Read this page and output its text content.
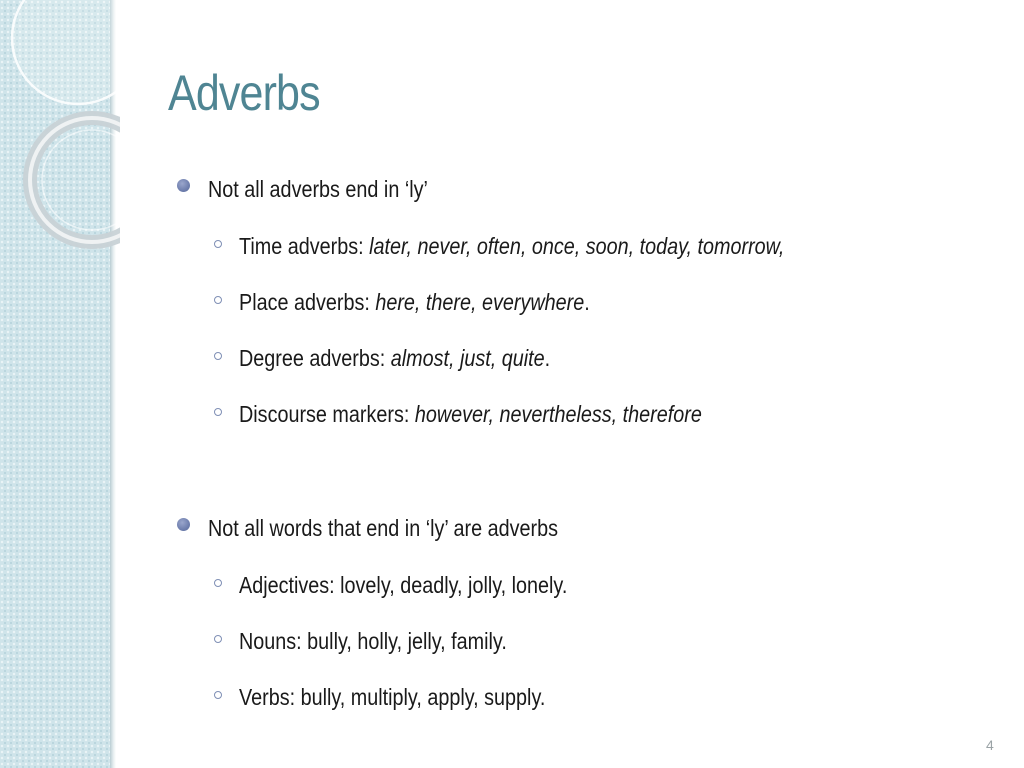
Adverbs
Not all adverbs end in ‘ly’
Time adverbs: later, never, often, once, soon, today, tomorrow,
Place adverbs: here, there, everywhere.
Degree adverbs: almost, just, quite.
Discourse markers: however, nevertheless, therefore
Not all words that end in ‘ly’ are adverbs
Adjectives: lovely, deadly, jolly, lonely.
Nouns: bully, holly, jelly, family.
Verbs: bully, multiply, apply, supply.
4
